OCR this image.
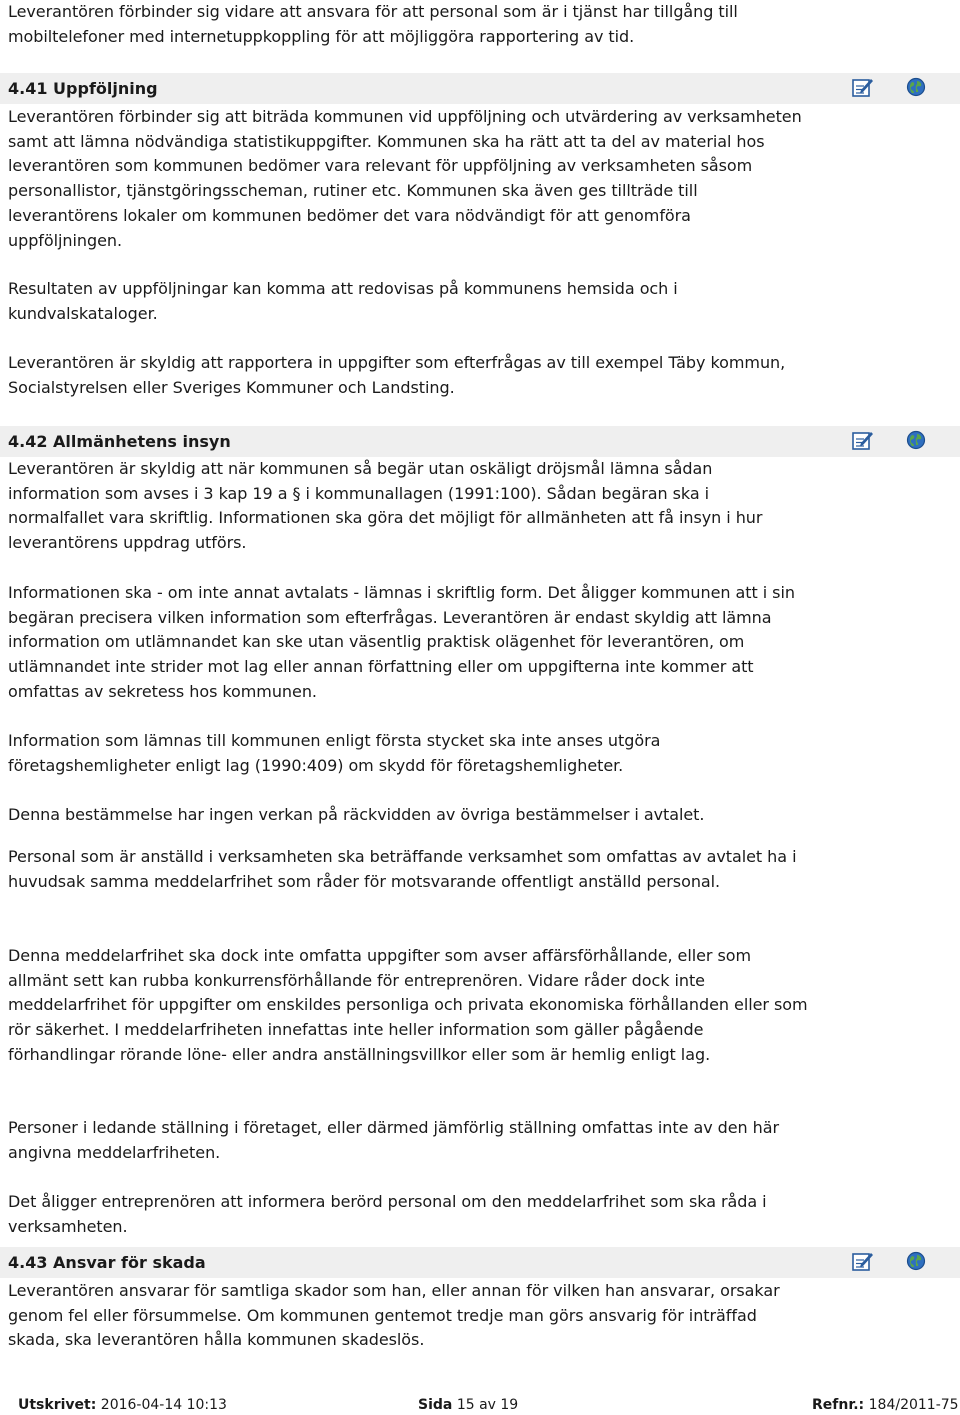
Leverantören förbinder sig vidare att ansvara för att personal som är i tjänst har tillgång till mobiltelefoner med internetuppkoppling för att möjliggöra rapportering av tid.

4.41 Uppföljning

Leverantören förbinder sig att biträda kommunen vid uppföljning och utvärdering av verksamheten samt att lämna nödvändiga statistikuppgifter. Kommunen ska ha rätt att ta del av material hos leverantören som kommunen bedömer vara relevant för uppföljning av verksamheten såsom personallistor, tjänstgöringsscheman, rutiner etc. Kommunen ska även ges tillträde till leverantörens lokaler om kommunen bedömer det vara nödvändigt för att genomföra uppföljningen.

Resultaten av uppföljningar kan komma att redovisas på kommunens hemsida och i kundvalskataloger.

Leverantören är skyldig att rapportera in uppgifter som efterfrågas av till exempel Täby kommun, Socialstyrelsen eller Sveriges Kommuner och Landsting.

4.42 Allmänhetens insyn

Leverantören är skyldig att när kommunen så begär utan oskäligt dröjsmål lämna sådan information som avses i 3 kap 19 a § i kommunallagen (1991:100). Sådan begäran ska i normalfallet vara skriftlig. Informationen ska göra det möjligt för allmänheten att få insyn i hur leverantörens uppdrag utförs.

Informationen ska - om inte annat avtalats - lämnas i skriftlig form. Det åligger kommunen att i sin begäran precisera vilken information som efterfrågas. Leverantören är endast skyldig att lämna information om utlämnandet kan ske utan väsentlig praktisk olägenhet för leverantören, om utlämnandet inte strider mot lag eller annan författning eller om uppgifterna inte kommer att omfattas av sekretess hos kommunen.

Information som lämnas till kommunen enligt första stycket ska inte anses utgöra företagshemligheter enligt lag (1990:409) om skydd för företagshemligheter.

Denna bestämmelse har ingen verkan på räckvidden av övriga bestämmelser i avtalet.

Personal som är anställd i verksamheten ska beträffande verksamhet som omfattas av avtalet ha i huvudsak samma meddelarfrihet som råder för motsvarande offentligt anställd personal.

Denna meddelarfrihet ska dock inte omfatta uppgifter som avser affärsförhållande, eller som allmänt sett kan rubba konkurrensförhållande för entreprenören. Vidare råder dock inte meddelarfrihet för uppgifter om enskildes personliga och privata ekonomiska förhållanden eller som rör säkerhet. I meddelarfriheten innefattas inte heller information som gäller pågående förhandlingar rörande löne- eller andra anställningsvillkor eller som är hemlig enligt lag.

Personer i ledande ställning i företaget, eller därmed jämförlig ställning omfattas inte av den här angivna meddelarfriheten.

Det åligger entreprenören att informera berörd personal om den meddelarfrihet som ska råda i verksamheten.

4.43 Ansvar för skada

Leverantören ansvarar för samtliga skador som han, eller annan för vilken han ansvarar, orsakar genom fel eller försummelse. Om kommunen gentemot tredje man görs ansvarig för inträffad skada, ska leverantören hålla kommunen skadeslös.

Utskrivet: 2016-04-14 10:13	Sida 15 av 19	Refnr.: 184/2011-75
